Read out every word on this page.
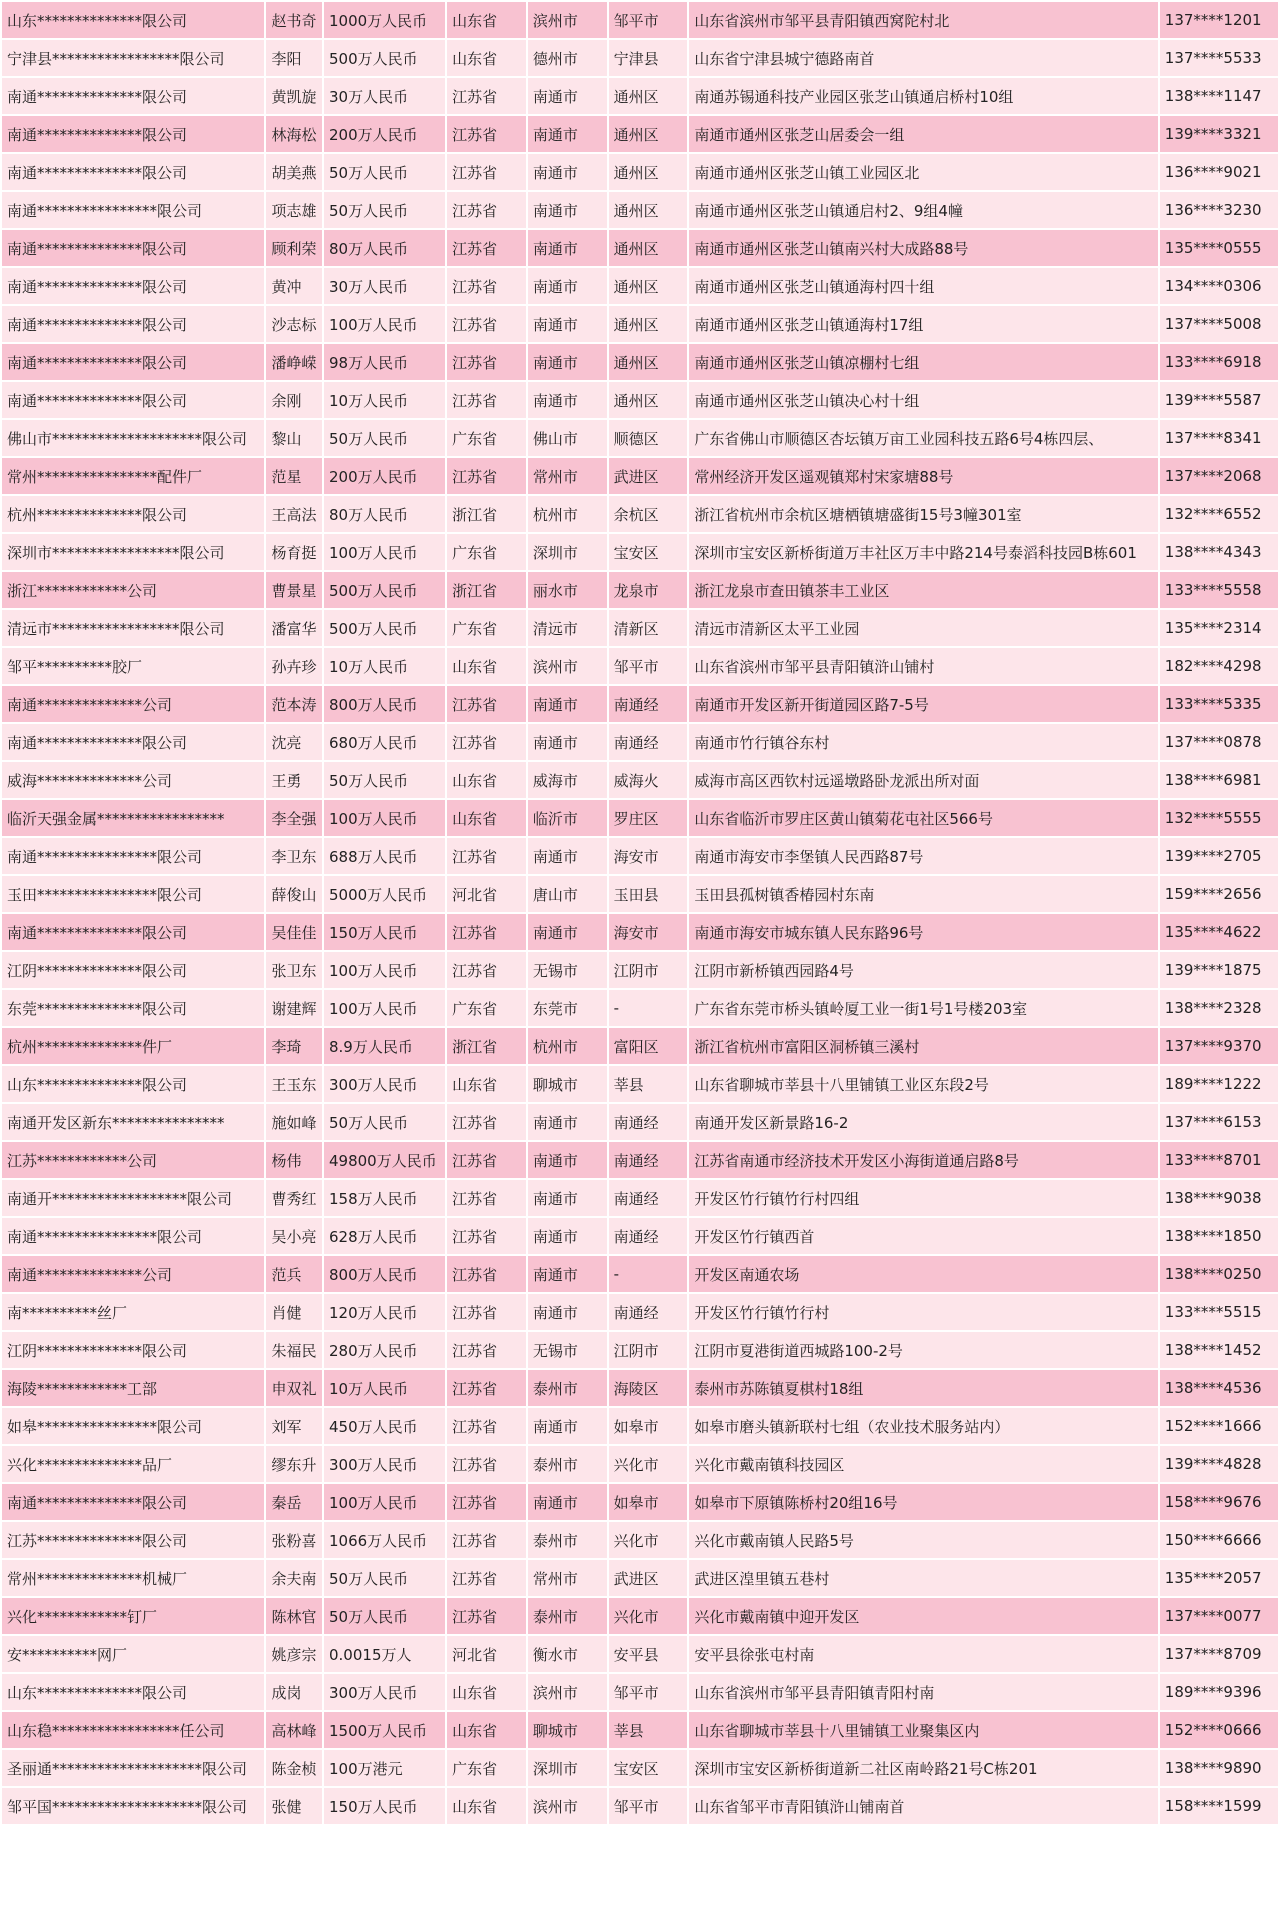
山东**************限公司	赵书奇	1000万人民币	山东省	滨州市	邹平市	山东省滨州市邹平县青阳镇西窝陀村北	137****1201
宁津县*****************限公司	李阳	500万人民币	山东省	德州市	宁津县	山东省宁津县城宁德路南首	137****5533
南通**************限公司	黄凯旋	30万人民币	江苏省	南通市	通州区	南通苏锡通科技产业园区张芝山镇通启桥村10组	138****1147
南通**************限公司	林海松	200万人民币	江苏省	南通市	通州区	南通市通州区张芝山居委会一组	139****3321
南通**************限公司	胡美燕	50万人民币	江苏省	南通市	通州区	南通市通州区张芝山镇工业园区北	136****9021
南通****************限公司	项志雄	50万人民币	江苏省	南通市	通州区	南通市通州区张芝山镇通启村2、9组4幢	136****3230
南通**************限公司	顾利荣	80万人民币	江苏省	南通市	通州区	南通市通州区张芝山镇南兴村大成路88号	135****0555
南通**************限公司	黄冲	30万人民币	江苏省	南通市	通州区	南通市通州区张芝山镇通海村四十组	134****0306
南通**************限公司	沙志标	100万人民币	江苏省	南通市	通州区	南通市通州区张芝山镇通海村17组	137****5008
南通**************限公司	潘峥嵘	98万人民币	江苏省	南通市	通州区	南通市通州区张芝山镇凉棚村七组	133****6918
南通**************限公司	余刚	10万人民币	江苏省	南通市	通州区	南通市通州区张芝山镇决心村十组	139****5587
佛山市********************限公司	黎山	50万人民币	广东省	佛山市	顺德区	广东省佛山市顺德区杏坛镇万亩工业园科技五路6号4栋四层、	137****8341
常州****************配件厂	范星	200万人民币	江苏省	常州市	武进区	常州经济开发区遥观镇郑村宋家塘88号	137****2068
杭州**************限公司	王高法	80万人民币	浙江省	杭州市	余杭区	浙江省杭州市余杭区塘栖镇塘盛街15号3幢301室	132****6552
深圳市*****************限公司	杨育挺	100万人民币	广东省	深圳市	宝安区	深圳市宝安区新桥街道万丰社区万丰中路214号泰滔科技园B栋601	138****4343
浙江************公司	曹景星	500万人民币	浙江省	丽水市	龙泉市	浙江龙泉市查田镇茶丰工业区	133****5558
清远市*****************限公司	潘富华	500万人民币	广东省	清远市	清新区	清远市清新区太平工业园	135****2314
邹平**********胶厂	孙卉珍	10万人民币	山东省	滨州市	邹平市	山东省滨州市邹平县青阳镇浒山铺村	182****4298
南通**************公司	范本涛	800万人民币	江苏省	南通市	南通经	南通市开发区新开街道园区路7-5号	133****5335
南通**************限公司	沈亮	680万人民币	江苏省	南通市	南通经	南通市竹行镇谷东村	137****0878
威海**************公司	王勇	50万人民币	山东省	威海市	威海火	威海市高区西钦村远遥墩路卧龙派出所对面	138****6981
临沂天强金属*****************	李全强	100万人民币	山东省	临沂市	罗庄区	山东省临沂市罗庄区黄山镇菊花屯社区566号	132****5555
南通****************限公司	李卫东	688万人民币	江苏省	南通市	海安市	南通市海安市李堡镇人民西路87号	139****2705
玉田****************限公司	薛俊山	5000万人民币	河北省	唐山市	玉田县	玉田县孤树镇香椿园村东南	159****2656
南通**************限公司	吴佳佳	150万人民币	江苏省	南通市	海安市	南通市海安市城东镇人民东路96号	135****4622
江阴**************限公司	张卫东	100万人民币	江苏省	无锡市	江阴市	江阴市新桥镇西园路4号	139****1875
东莞**************限公司	谢建辉	100万人民币	广东省	东莞市	-	广东省东莞市桥头镇岭厦工业一街1号1号楼203室	138****2328
杭州**************件厂	李琦	8.9万人民币	浙江省	杭州市	富阳区	浙江省杭州市富阳区洞桥镇三溪村	137****9370
山东**************限公司	王玉东	300万人民币	山东省	聊城市	莘县	山东省聊城市莘县十八里铺镇工业区东段2号	189****1222
南通开发区新东***************	施如峰	50万人民币	江苏省	南通市	南通经	南通开发区新景路16-2	137****6153
江苏************公司	杨伟	49800万人民币	江苏省	南通市	南通经	江苏省南通市经济技术开发区小海街道通启路8号	133****8701
南通开******************限公司	曹秀红	158万人民币	江苏省	南通市	南通经	开发区竹行镇竹行村四组	138****9038
南通****************限公司	吴小亮	628万人民币	江苏省	南通市	南通经	开发区竹行镇西首	138****1850
南通**************公司	范兵	800万人民币	江苏省	南通市	-	开发区南通农场	138****0250
南**********丝厂	肖健	120万人民币	江苏省	南通市	南通经	开发区竹行镇竹行村	133****5515
江阴**************限公司	朱福民	280万人民币	江苏省	无锡市	江阴市	江阴市夏港街道西城路100-2号	138****1452
海陵************工部	申双礼	10万人民币	江苏省	泰州市	海陵区	泰州市苏陈镇夏棋村18组	138****4536
如皋****************限公司	刘军	450万人民币	江苏省	南通市	如皋市	如皋市磨头镇新联村七组（农业技术服务站内）	152****1666
兴化**************品厂	缪东升	300万人民币	江苏省	泰州市	兴化市	兴化市戴南镇科技园区	139****4828
南通**************限公司	秦岳	100万人民币	江苏省	南通市	如皋市	如皋市下原镇陈桥村20组16号	158****9676
江苏**************限公司	张粉喜	1066万人民币	江苏省	泰州市	兴化市	兴化市戴南镇人民路5号	150****6666
常州**************机械厂	余夫南	50万人民币	江苏省	常州市	武进区	武进区湟里镇五巷村	135****2057
兴化************钉厂	陈林官	50万人民币	江苏省	泰州市	兴化市	兴化市戴南镇中迎开发区	137****0077
安**********网厂	姚彦宗	0.0015万人	河北省	衡水市	安平县	安平县徐张屯村南	137****8709
山东**************限公司	成岗	300万人民币	山东省	滨州市	邹平市	山东省滨州市邹平县青阳镇青阳村南	189****9396
山东稳*****************任公司	高林峰	1500万人民币	山东省	聊城市	莘县	山东省聊城市莘县十八里铺镇工业聚集区内	152****0666
圣丽通********************限公司	陈金桢	100万港元	广东省	深圳市	宝安区	深圳市宝安区新桥街道新二社区南岭路21号C栋201	138****9890
邹平国********************限公司	张健	150万人民币	山东省	滨州市	邹平市	山东省邹平市青阳镇浒山铺南首	158****1599
